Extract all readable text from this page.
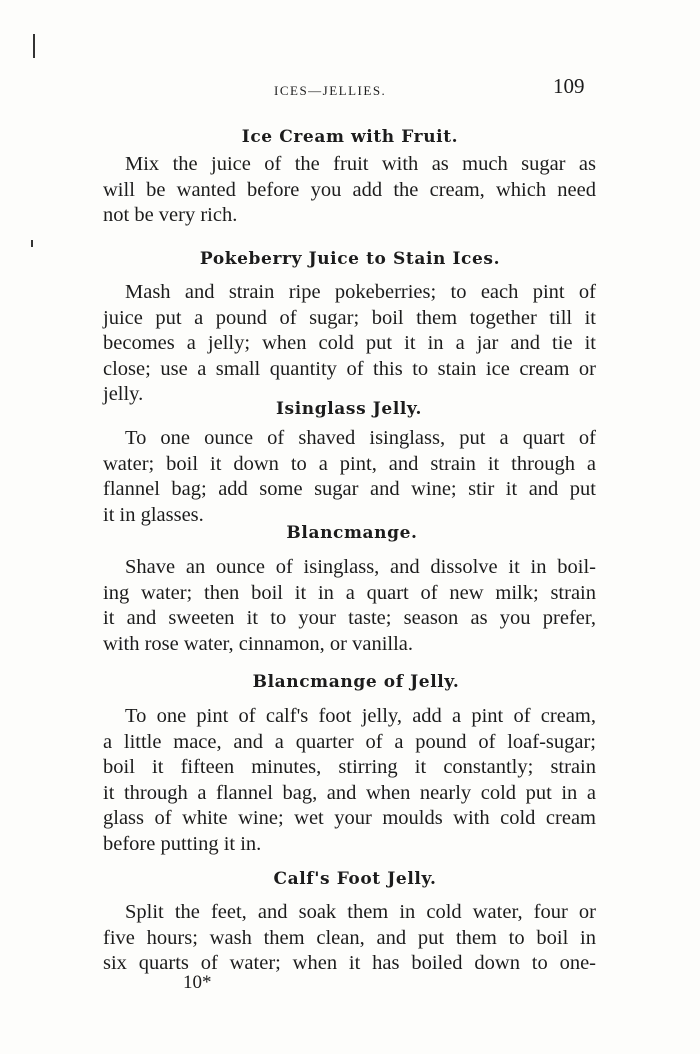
ICES—JELLIES.	109
Ice Cream with Fruit.

Mix the juice of the fruit with as much sugar as
will be wanted before you add the cream, which need
not be very rich.

Pokeberry Juice to Stain Ices.

Mash and strain ripe pokeberries; to each pint of
juice put a pound of sugar; boil them together till it
becomes a jelly; when cold put it in a jar and tie it
close; use a small quantity of this to stain ice cream or
jelly.

Isinglass Jelly.

To one ounce of shaved isinglass, put a quart of
water; boil it down to a pint, and strain it through a
flannel bag; add some sugar and wine; stir it and put
it in glasses.

Blancmange.

Shave an ounce of isinglass, and dissolve it in boil-
ing water; then boil it in a quart of new milk; strain
it and sweeten it to your taste; season as you prefer,
with rose water, cinnamon, or vanilla.

Blancmange of Jelly.

To one pint of calf's foot jelly, add a pint of cream,
a little mace, and a quarter of a pound of loaf-sugar;
boil it fifteen minutes, stirring it constantly; strain
it through a flannel bag, and when nearly cold put in a
glass of white wine; wet your moulds with cold cream
before putting it in.

Calf's Foot Jelly.

Split the feet, and soak them in cold water, four or
five hours; wash them clean, and put them to boil in
six quarts of water; when it has boiled down to one-

10*
